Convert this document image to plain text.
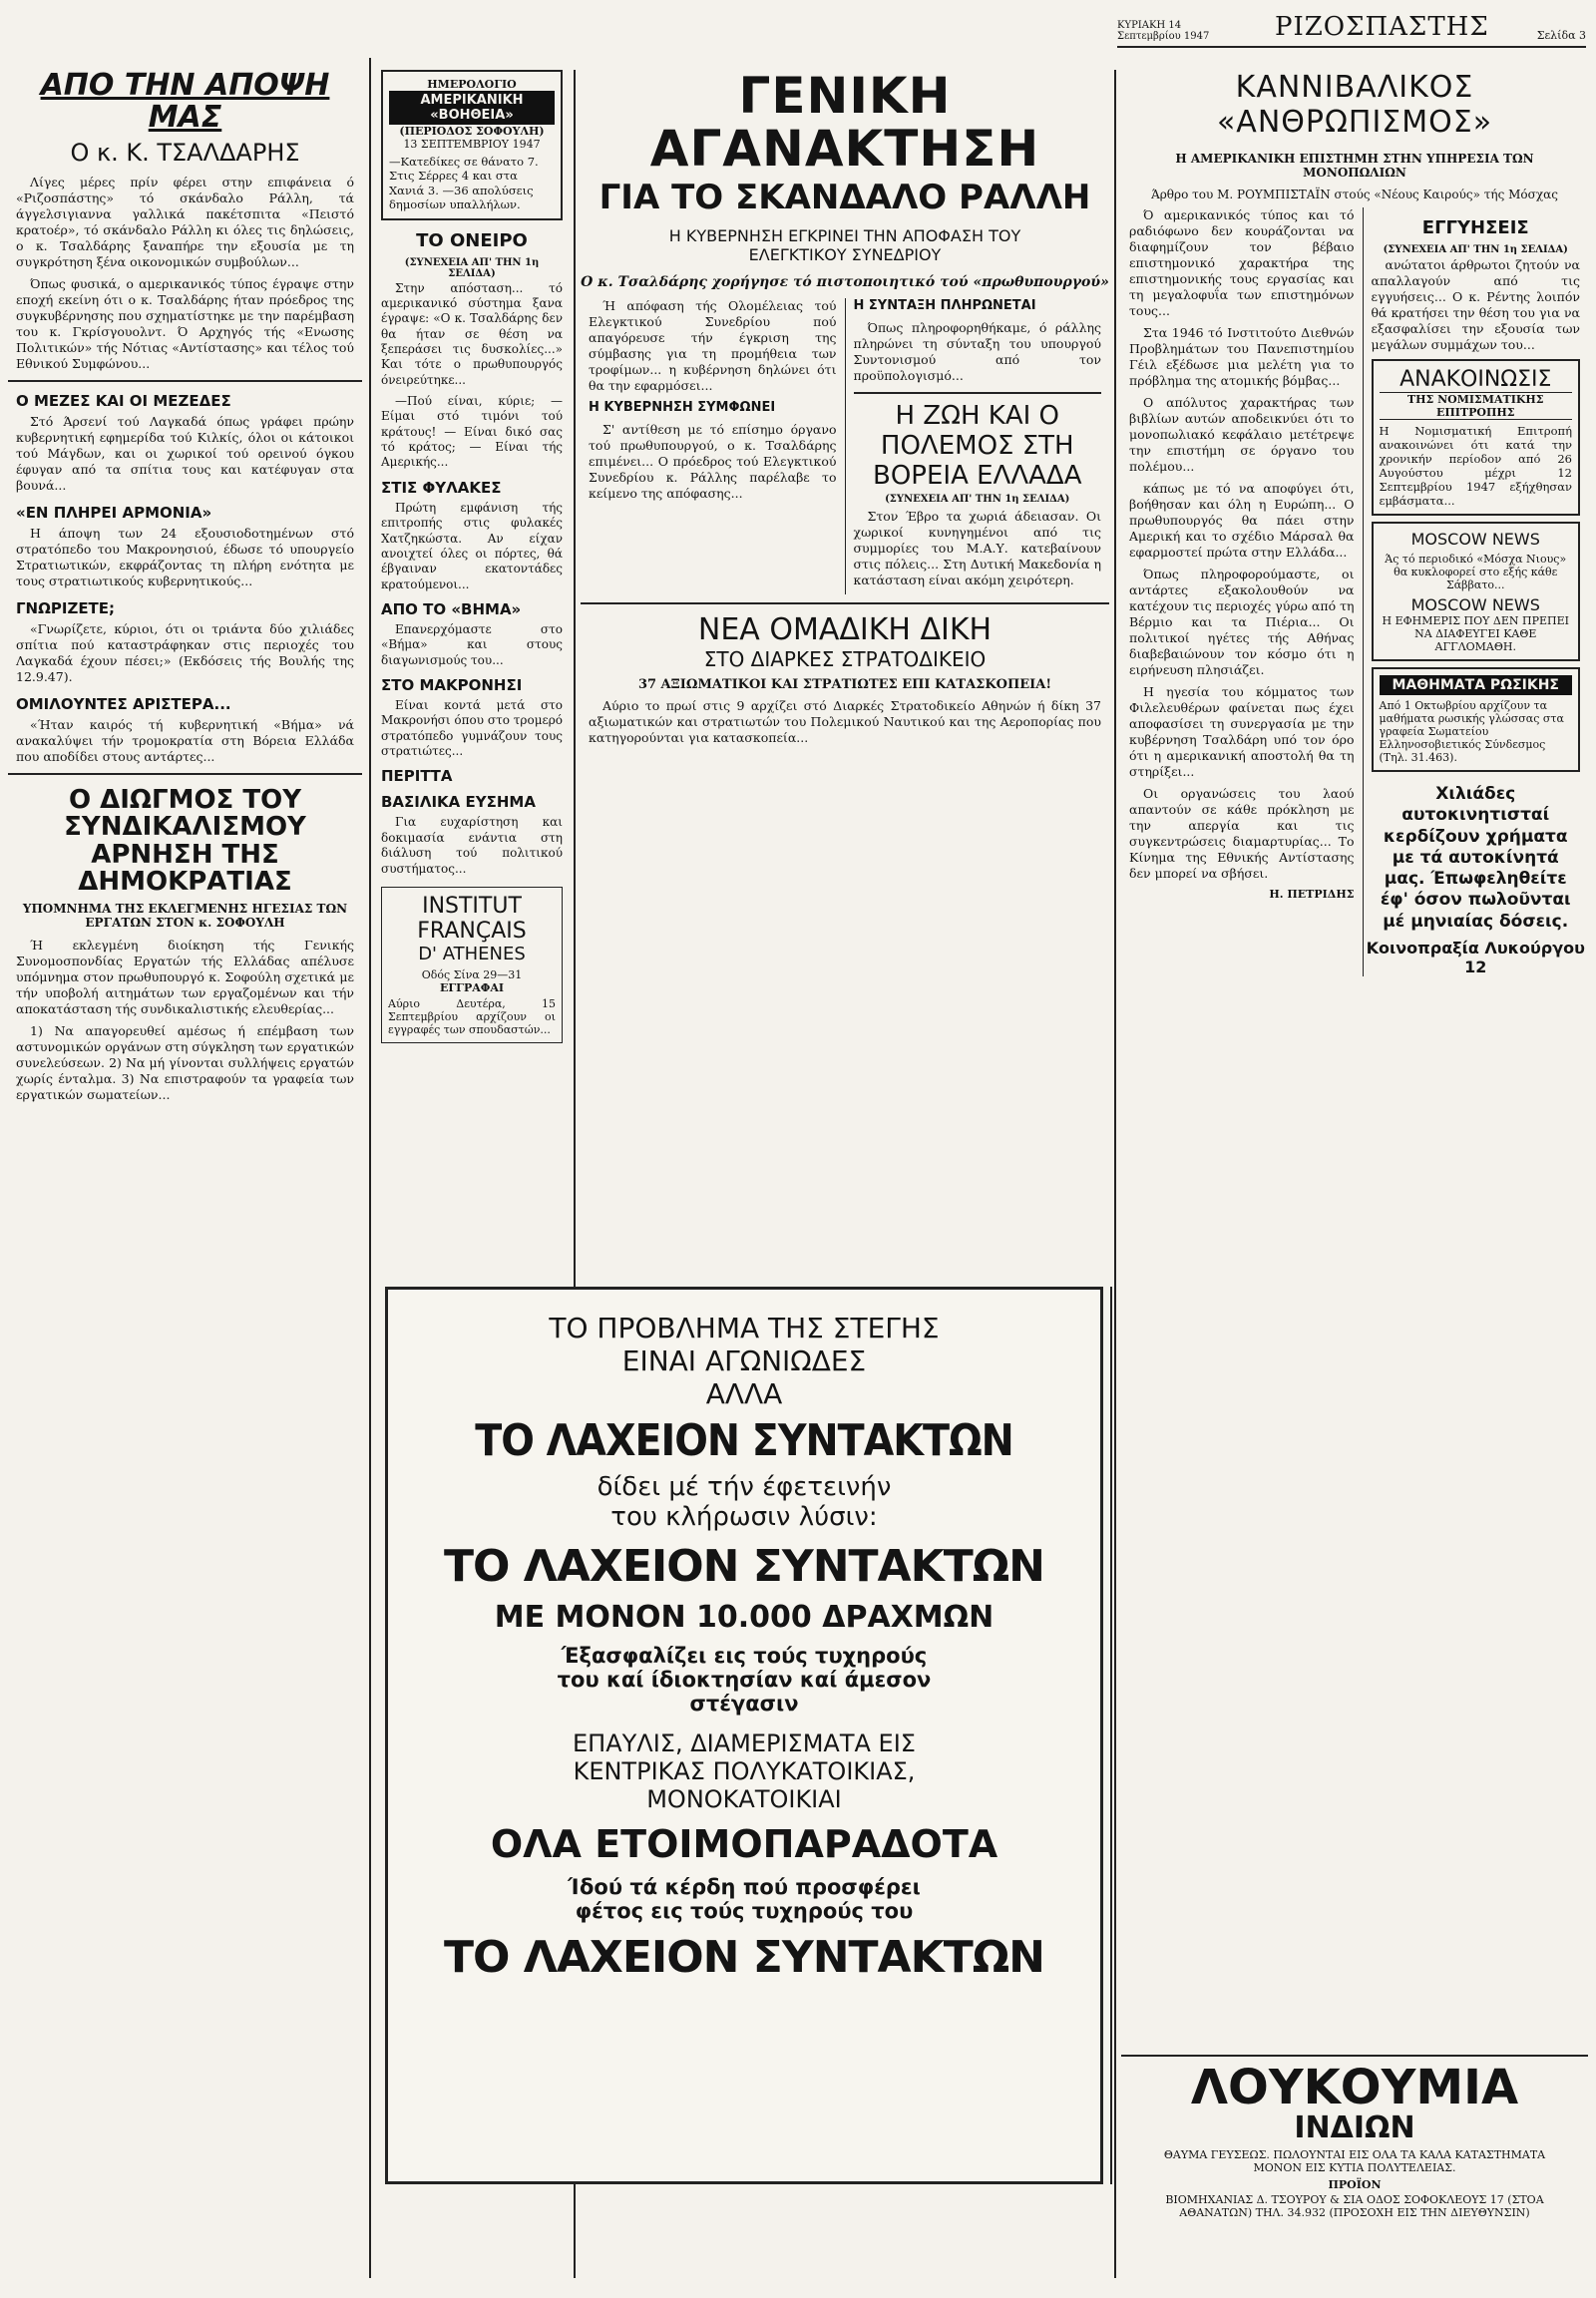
ΚΥΡΙΑΚΗ 14 Σεπτεμβρίου 1947	ΡΙΖΟΣΠΑΣΤΗΣ	Σελίδα 3
ΑΠΟ ΤΗΝ ΑΠΟΨΗ ΜΑΣ
Ο κ. Κ. ΤΣΑΛΔΑΡΗΣ

Λίγες μέρες πρίν φέρει στην επιφάνεια ό «Ριζοσπάστης» τό σκάνδαλο Ράλλη, τά άγγελσιγιαννα γαλλικά πακέτσπιτα «Πειστό κρατοέρ», τό σκάνδαλο Ράλλη κι όλες τις δηλώσεις, ο κ. Τσαλδάρης ξαναπήρε την εξουσία με τη συγκρότηση ξένα οικονομικών συμβούλων...

Όπως φυσικά, ο αμερικανικός τύπος έγραψε στην εποχή εκείνη ότι ο κ. Τσαλδάρης ήταν πρόεδρος της συγκυβέρνησης που σχηματίστηκε με την παρέμβαση του κ. Γκρίσγουολντ. Ό Αρχηγός τής «Ενωσης Πολιτικών» τής Νότιας «Αντίστασης» και τέλος τού Εθνικού Συμφώνου...

Ο ΜΕΖΕΣ ΚΑΙ ΟΙ ΜΕΖΕΔΕΣ

Στό Άρσενί τού Λαγκαδά όπως γράφει πρώην κυβερνητική εφημερίδα τού Κιλκίς, όλοι οι κάτοικοι τού Μάγδων, και οι χωρικοί τού ορεινού όγκου έφυγαν από τα σπίτια τους και κατέφυγαν στα βουνά...

«ΕΝ ΠΛΗΡΕΙ ΑΡΜΟΝΙΑ»

Η άποψη των 24 εξουσιοδοτημένων στό στρατόπεδο του Μακρονησιού, έδωσε τό υπουργείο Στρατιωτικών, εκφράζοντας τη πλήρη ενότητα με τους στρατιωτικούς κυβερνητικούς...

ΓΝΩΡΙΖΕΤΕ;

«Γνωρίζετε, κύριοι, ότι οι τριάντα δύο χιλιάδες σπίτια πού καταστράφηκαν στις περιοχές του Λαγκαδά έχουν πέσει;» (Εκδόσεις τής Βουλής της 12.9.47).

ΟΜΙΛΟΥΝΤΕΣ ΑΡΙΣΤΕΡΑ...

«Ήταν καιρός τή κυβερνητική «Βήμα» νά ανακαλύψει τήν τρομοκρατία στη Βόρεια Ελλάδα που αποδίδει στους αντάρτες...

Ο ΔΙΩΓΜΟΣ ΤΟΥ ΣΥΝΔΙΚΑΛΙΣΜΟΥ ΑΡΝΗΣΗ ΤΗΣ ΔΗΜΟΚΡΑΤΙΑΣ
ΥΠΟΜΝΗΜΑ ΤΗΣ ΕΚΛΕΓΜΕΝΗΣ ΗΓΕΣΙΑΣ ΤΩΝ ΕΡΓΑΤΩΝ ΣΤΟΝ κ. ΣΟΦΟΥΛΗ

Ή εκλεγμένη διοίκηση τής Γενικής Συνομοσπονδίας Εργατών τής Ελλάδας απέλυσε υπόμνημα στον πρωθυπουργό κ. Σοφούλη σχετικά με τήν υποβολή αιτημάτων των εργαζομένων και τήν αποκατάσταση τής συνδικαλιστικής ελευθερίας...

1) Να απαγορευθεί αμέσως ή επέμβαση των αστυνομικών οργάνων στη σύγκληση των εργατικών συνελεύσεων. 2) Να μή γίνονται συλλήψεις εργατών χωρίς ένταλμα. 3) Να επιστραφούν τα γραφεία των εργατικών σωματείων...

ΗΜΕΡΟΛΟΓΙΟ
ΑΜΕΡΙΚΑΝΙΚΗ «ΒΟΗΘΕΙΑ»
(ΠΕΡΙΟΔΟΣ ΣΟΦΟΥΛΗ)
13 ΣΕΠΤΕΜΒΡΙΟΥ 1947
—Κατεδίκες σε θάνατο 7. Στις Σέρρες 4 και στα Χανιά 3. —36 απολύσεις δημοσίων υπαλλήλων.
ΤΟ ΟΝΕΙΡΟ
(ΣΥΝΕΧΕΙΑ ΑΠ' ΤΗΝ 1η ΣΕΛΙΔΑ)

Στην απόσταση... τό αμερικανικό σύστημα ξανα έγραψε: «Ο κ. Τσαλδάρης δεν θα ήταν σε θέση να ξεπεράσει τις δυσκολίες...» Και τότε ο πρωθυπουργός όνειρεύτηκε...

—Πού είναι, κύριε; — Είμαι στό τιμόνι τού κράτους! — Είναι δικό σας τό κράτος; — Είναι τής Αμερικής...

ΣΤΙΣ ΦΥΛΑΚΕΣ

Πρώτη εμφάνιση τής επιτροπής στις φυλακές Χατζηκώστα. Αν είχαν ανοιχτεί όλες οι πόρτες, θά έβγαιναν εκατοντάδες κρατούμενοι...

ΑΠΟ ΤΟ «ΒΗΜΑ»

Επανερχόμαστε στο «Βήμα» και στους διαγωνισμούς του...

ΣΤΟ ΜΑΚΡΟΝΗΣΙ

Είναι κοντά μετά στο Μακρονήσι όπου στο τρομερό στρατόπεδο γυμνάζουν τους στρατιώτες...

ΠΕΡΙΤΤΑ
ΒΑΣΙΛΙΚΑ ΕΥΣΗΜΑ

Για ευχαρίστηση και δοκιμασία ενάντια στη διάλυση τού πολιτικού συστήματος...

INSTITUT
FRANÇAIS
D' ATHENES
Οδός Σίνα 29—31
ΕΓΓΡΑΦΑΙ
Αύριο Δευτέρα, 15 Σεπτεμβρίου αρχίζουν οι εγγραφές των σπουδαστών...
ΓΕΝΙΚΗ ΑΓΑΝΑΚΤΗΣΗ
ΓΙΑ ΤΟ ΣΚΑΝΔΑΛΟ ΡΑΛΛΗ
Η ΚΥΒΕΡΝΗΣΗ ΕΓΚΡΙΝΕΙ ΤΗΝ ΑΠΟΦΑΣΗ ΤΟΥ ΕΛΕΓΚΤΙΚΟΥ ΣΥΝΕΔΡΙΟΥ
Ο κ. Τσαλδάρης χορήγησε τό πιστοποιητικό τού «πρωθυπουργού»

Ή απόφαση τής Ολομέλειας τού Ελεγκτικού Συνεδρίου πού απαγόρευσε τήν έγκριση της σύμβασης για τη προμήθεια των τροφίμων... η κυβέρνηση δηλώνει ότι θα την εφαρμόσει...

Η ΚΥΒΕΡΝΗΣΗ ΣΥΜΦΩΝΕΙ

Σ' αντίθεση με τό επίσημο όργανο τού πρωθυπουργού, ο κ. Τσαλδάρης επιμένει... Ο πρόεδρος τού Ελεγκτικού Συνεδρίου κ. Ράλλης παρέλαβε το κείμενο της απόφασης...

Η ΣΥΝΤΑΞΗ ΠΛΗΡΩΝΕΤΑΙ

Όπως πληροφορηθήκαμε, ό ράλλης πληρώνει τη σύνταξη του υπουργού Συντονισμού από τον προϋπολογισμό...

Η ΖΩΗ ΚΑΙ Ο ΠΟΛΕΜΟΣ ΣΤΗ ΒΟΡΕΙΑ ΕΛΛΑΔΑ
(ΣΥΝΕΧΕΙΑ ΑΠ' ΤΗΝ 1η ΣΕΛΙΔΑ)

Στον Έβρο τα χωριά άδειασαν. Οι χωρικοί κυνηγημένοι από τις συμμορίες του Μ.Α.Υ. κατεβαίνουν στις πόλεις... Στη Δυτική Μακεδονία η κατάσταση είναι ακόμη χειρότερη.

ΝΕΑ ΟΜΑΔΙΚΗ ΔΙΚΗ
ΣΤΟ ΔΙΑΡΚΕΣ ΣΤΡΑΤΟΔΙΚΕΙΟ
37 ΑΞΙΩΜΑΤΙΚΟΙ ΚΑΙ ΣΤΡΑΤΙΩΤΕΣ ΕΠΙ ΚΑΤΑΣΚΟΠΕΙΑ!

Αύριο το πρωί στις 9 αρχίζει στό Διαρκές Στρατοδικείο Αθηνών ή δίκη 37 αξιωματικών και στρατιωτών του Πολεμικού Ναυτικού και της Αεροπορίας που κατηγορούνται για κατασκοπεία...

ΤΟ ΠΡΟΒΛΗΜΑ ΤΗΣ ΣΤΕΓΗΣ
ΕΙΝΑΙ ΑΓΩΝΙΩΔΕΣ
ΑΛΛΑ
ΤΟ ΛΑΧΕΙΟΝ ΣΥΝΤΑΚΤΩΝ
δίδει μέ τήν έφετεινήν
του κλήρωσιν λύσιν:
ΤΟ ΛΑΧΕΙΟΝ ΣΥΝΤΑΚΤΩΝ
ΜΕ ΜΟΝΟΝ 10.000 ΔΡΑΧΜΩΝ
Έξασφαλίζει εις τούς τυχηρούς
του καί ίδιοκτησίαν καί άμεσον
στέγασιν
ΕΠΑΥΛΙΣ, ΔΙΑΜΕΡΙΣΜΑΤΑ ΕΙΣ
ΚΕΝΤΡΙΚΑΣ ΠΟΛΥΚΑΤΟΙΚΙΑΣ,
ΜΟΝΟΚΑΤΟΙΚΙΑΙ
ΟΛΑ ΕΤΟΙΜΟΠΑΡΑΔΟΤΑ
Ίδού τά κέρδη πού προσφέρει
φέτος εις τούς τυχηρούς του
ΤΟ ΛΑΧΕΙΟΝ ΣΥΝΤΑΚΤΩΝ
ΚΑΝΝΙΒΑΛΙΚΟΣ
«ΑΝΘΡΩΠΙΣΜΟΣ»
Η ΑΜΕΡΙΚΑΝΙΚΗ ΕΠΙΣΤΗΜΗ ΣΤΗΝ ΥΠΗΡΕΣΙΑ ΤΩΝ ΜΟΝΟΠΩΛΙΩΝ
Άρθρο του Μ. ΡΟΥΜΠΙΣΤΑΪΝ στούς «Νέους Καιρούς» τής Μόσχας

Ό αμερικανικός τύπος και τό ραδιόφωνο δεν κουράζονται να διαφημίζουν τον βέβαιο επιστημονικό χαρακτήρα της επιστημονικής τους εργασίας και τη μεγαλοφυΐα των επιστημόνων τους...

Στα 1946 τό Ινστιτούτο Διεθνών Προβλημάτων του Πανεπιστημίου Γέιλ εξέδωσε μια μελέτη για το πρόβλημα της ατομικής βόμβας...

Ο απόλυτος χαρακτήρας των βιβλίων αυτών αποδεικνύει ότι το μονοπωλιακό κεφάλαιο μετέτρεψε την επιστήμη σε όργανο του πολέμου...

κάπως με τό να αποφύγει ότι, βοήθησαν και όλη η Ευρώπη... Ο πρωθυπουργός θα πάει στην Αμερική και το σχέδιο Μάρσαλ θα εφαρμοστεί πρώτα στην Ελλάδα...

Όπως πληροφορούμαστε, οι αντάρτες εξακολουθούν να κατέχουν τις περιοχές γύρω από τη Βέρμιο και τα Πιέρια... Οι πολιτικοί ηγέτες τής Αθήνας διαβεβαιώνουν τον κόσμο ότι η ειρήνευση πλησιάζει.

Η ηγεσία του κόμματος των Φιλελευθέρων φαίνεται πως έχει αποφασίσει τη συνεργασία με την κυβέρνηση Τσαλδάρη υπό τον όρο ότι η αμερικανική αποστολή θα τη στηρίξει...

Οι οργανώσεις του λαού απαντούν σε κάθε πρόκληση με την απεργία και τις συγκεντρώσεις διαμαρτυρίας... Το Κίνημα της Εθνικής Αντίστασης δεν μπορεί να σβήσει.

Η. ΠΕΤΡΙΔΗΣ
ΕΓΓΥΗΣΕΙΣ
(ΣΥΝΕΧΕΙΑ ΑΠ' ΤΗΝ 1η ΣΕΛΙΔΑ)

ανώτατοι άρθρωτοι ζητούν να απαλλαγούν από τις εγγυήσεις... Ο κ. Ρέντης λοιπόν θά κρατήσει την θέση του για να εξασφαλίσει την εξουσία των μεγάλων συμμάχων του...

ΑΝΑΚΟΙΝΩΣΙΣ
ΤΗΣ ΝΟΜΙΣΜΑΤΙΚΗΣ ΕΠΙΤΡΟΠΗΣ
Η Νομισματική Επιτροπή ανακοινώνει ότι κατά την χρονικήν περίοδον από 26 Αυγούστου μέχρι 12 Σεπτεμβρίου 1947 εξήχθησαν εμβάσματα...
MOSCOW NEWS
Άς τό περιοδικό «Μόσχα Νιους» θα κυκλοφορεί στο εξής κάθε Σάββατο...
MOSCOW NEWS
Η ΕΦΗΜΕΡΙΣ ΠΟΥ ΔΕΝ ΠΡΕΠΕΙ ΝΑ ΔΙΑΦΕΥΓΕΙ ΚΑΘΕ ΑΓΓΛΟΜΑΘΗ.
ΜΑΘΗΜΑΤΑ ΡΩΣΙΚΗΣ
Από 1 Οκτωβρίου αρχίζουν τα μαθήματα ρωσικής γλώσσας στα γραφεία Σωματείου Ελληνοσοβιετικός Σύνδεσμος (Τηλ. 31.463).
Χιλιάδες αυτοκινητισταί κερδίζουν χρήματα με τά αυτοκίνητά μας. Έπωφεληθείτε έφ' όσον πωλοῦνται μέ μηνιαίας δόσεις.
Κοινοπραξία Λυκούργου 12
ΛΟΥΚΟΥΜΙΑ
ΙΝΔΙΩΝ
ΘΑΥΜΑ ΓΕΥΣΕΩΣ. ΠΩΛΟΥΝΤΑΙ ΕΙΣ ΟΛΑ ΤΑ ΚΑΛΑ ΚΑΤΑΣΤΗΜΑΤΑ ΜΟΝΟΝ ΕΙΣ ΚΥΤΙΑ ΠΟΛΥΤΕΛΕΙΑΣ.
ΠΡΟΪΟΝ
ΒΙΟΜΗΧΑΝΙΑΣ Δ. ΤΣΟΥΡΟΥ & ΣΙΑ ΟΔΟΣ ΣΟΦΟΚΛΕΟΥΣ 17 (ΣΤΟΑ ΑΘΑΝΑΤΩΝ) ΤΗΛ. 34.932 (ΠΡΟΣΟΧΗ ΕΙΣ ΤΗΝ ΔΙΕΥΘΥΝΣΙΝ)
